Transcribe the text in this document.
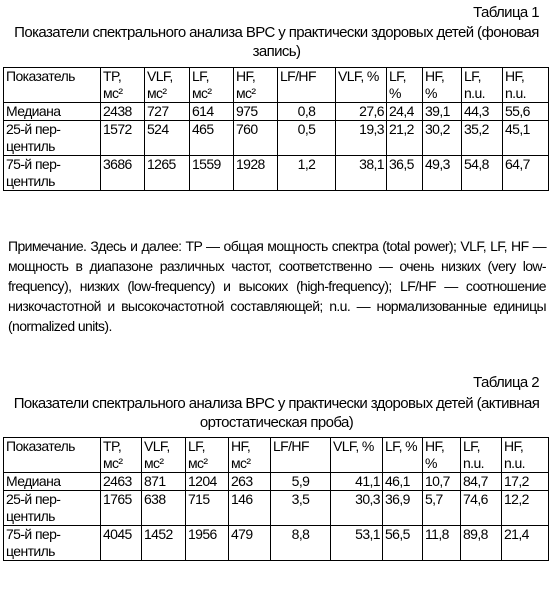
Таблица 1
Показатели спектрального анализа ВРС у практически здоровых детей (фоновая запись)
Показатель	TP, мс²	VLF, мс²	LF, мс²	HF, мс²	LF/HF	VLF, %	LF, %	HF, %	LF, n.u.	HF, n.u.
Медиана	2438	727	614	975	0,8	27,6	24,4	39,1	44,3	55,6
25-й пер-центиль	1572	524	465	760	0,5	19,3	21,2	30,2	35,2	45,1
75-й пер-центиль	3686	1265	1559	1928	1,2	38,1	36,5	49,3	54,8	64,7
Примечание. Здесь и далее: TP — общая мощность спектра (total power); VLF, LF, HF — мощность в диапазоне различных частот, соответственно — очень низких (very low-frequency), низких (low-frequency) и высоких (high-frequency); LF/HF — соотношение низкочастотной и высокочастотной составляющей; n.u. — нормализованные единицы (normalized units).
Таблица 2
Показатели спектрального анализа ВРС у практически здоровых детей (активная ортостатическая проба)
Показатель	TP, мс²	VLF, мс²	LF, мс²	HF, мс²	LF/HF	VLF, %	LF, %	HF, %	LF, n.u.	HF, n.u.
Медиана	2463	871	1204	263	5,9	41,1	46,1	10,7	84,7	17,2
25-й пер-центиль	1765	638	715	146	3,5	30,3	36,9	5,7	74,6	12,2
75-й пер-центиль	4045	1452	1956	479	8,8	53,1	56,5	11,8	89,8	21,4
